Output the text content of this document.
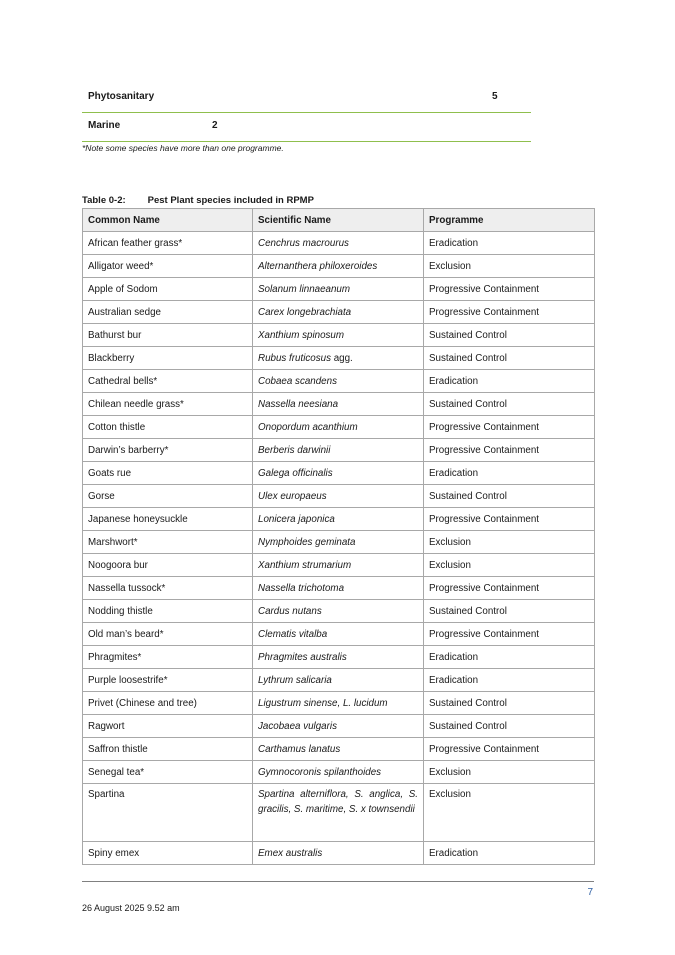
Phytosanitary	5
Marine	2
*Note some species have more than one programme.
Table 0-2: Pest Plant species included in RPMP
Common Name	Scientific Name	Programme
African feather grass*	Cenchrus macrourus	Eradication
Alligator weed*	Alternanthera philoxeroides	Exclusion
Apple of Sodom	Solanum linnaeanum	Progressive Containment
Australian sedge	Carex longebrachiata	Progressive Containment
Bathurst bur	Xanthium spinosum	Sustained Control
Blackberry	Rubus fruticosus agg.	Sustained Control
Cathedral bells*	Cobaea scandens	Eradication
Chilean needle grass*	Nassella neesiana	Sustained Control
Cotton thistle	Onopordum acanthium	Progressive Containment
Darwin’s barberry*	Berberis darwinii	Progressive Containment
Goats rue	Galega officinalis	Eradication
Gorse	Ulex europaeus	Sustained Control
Japanese honeysuckle	Lonicera japonica	Progressive Containment
Marshwort*	Nymphoides geminata	Exclusion
Noogoora bur	Xanthium strumarium	Exclusion
Nassella tussock*	Nassella trichotoma	Progressive Containment
Nodding thistle	Cardus nutans	Sustained Control
Old man’s beard*	Clematis vitalba	Progressive Containment
Phragmites*	Phragmites australis	Eradication
Purple loosestrife*	Lythrum salicaria	Eradication
Privet (Chinese and tree)	Ligustrum sinense, L. lucidum	Sustained Control
Ragwort	Jacobaea vulgaris	Sustained Control
Saffron thistle	Carthamus lanatus	Progressive Containment
Senegal tea*	Gymnocoronis spilanthoides	Exclusion
Spartina	Spartina alterniflora, S. anglica, S. gracilis, S. maritime, S. x townsendii	Exclusion
Spiny emex	Emex australis	Eradication
7
26 August 2025 9.52 am
